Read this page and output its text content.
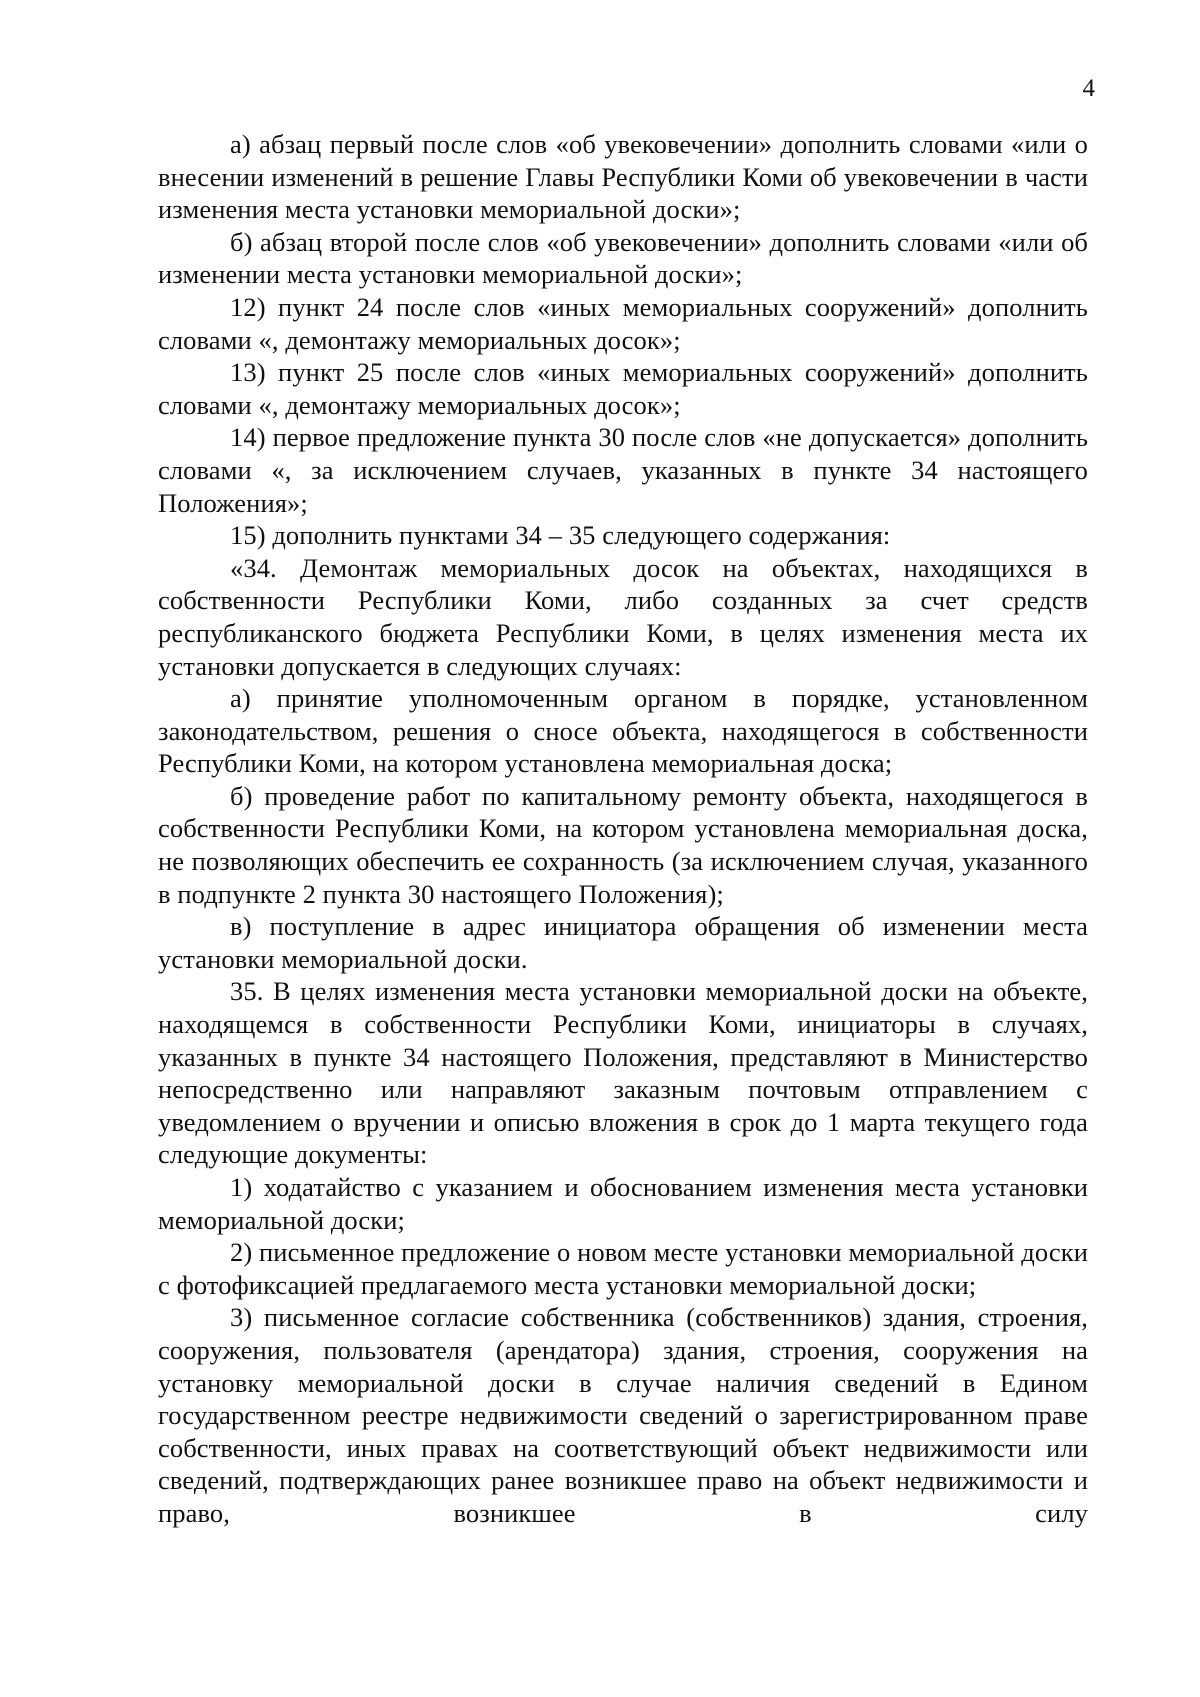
4

а) абзац первый после слов «об увековечении» дополнить словами «или о внесении изменений в решение Главы Республики Коми об увековечении в части изменения места установки мемориальной доски»;

б) абзац второй после слов «об увековечении» дополнить словами «или об изменении места установки мемориальной доски»;

12) пункт 24 после слов «иных мемориальных сооружений» дополнить словами «, демонтажу мемориальных досок»;

13) пункт 25 после слов «иных мемориальных сооружений» дополнить словами «, демонтажу мемориальных досок»;

14) первое предложение пункта 30 после слов «не допускается» дополнить словами «, за исключением случаев, указанных в пункте 34 настоящего Положения»;

15) дополнить пунктами 34 – 35 следующего содержания:

«34. Демонтаж мемориальных досок на объектах, находящихся в собственности Республики Коми, либо созданных за счет средств республиканского бюджета Республики Коми, в целях изменения места их установки допускается в следующих случаях:

а) принятие уполномоченным органом в порядке, установленном законодательством, решения о сносе объекта, находящегося в собственности Республики Коми, на котором установлена мемориальная доска;

б) проведение работ по капитальному ремонту объекта, находящегося в собственности Республики Коми, на котором установлена мемориальная доска, не позволяющих обеспечить ее сохранность (за исключением случая, указанного в подпункте 2 пункта 30 настоящего Положения);

в) поступление в адрес инициатора обращения об изменении места установки мемориальной доски.

35. В целях изменения места установки мемориальной доски на объекте, находящемся в собственности Республики Коми, инициаторы в случаях, указанных в пункте 34 настоящего Положения, представляют в Министерство непосредственно или направляют заказным почтовым отправлением с уведомлением о вручении и описью вложения в срок до 1 марта текущего года следующие документы:

1) ходатайство с указанием и обоснованием изменения места установки мемориальной доски;

2) письменное предложение о новом месте установки мемориальной доски с фотофиксацией предлагаемого места установки мемориальной доски;

3) письменное согласие собственника (собственников) здания, строения, сооружения, пользователя (арендатора) здания, строения, сооружения на установку мемориальной доски в случае наличия сведений в Едином государственном реестре недвижимости сведений о зарегистрированном праве собственности, иных правах на соответствующий объект недвижимости или сведений, подтверждающих ранее возникшее право на объект недвижимости и право, возникшее в силу
